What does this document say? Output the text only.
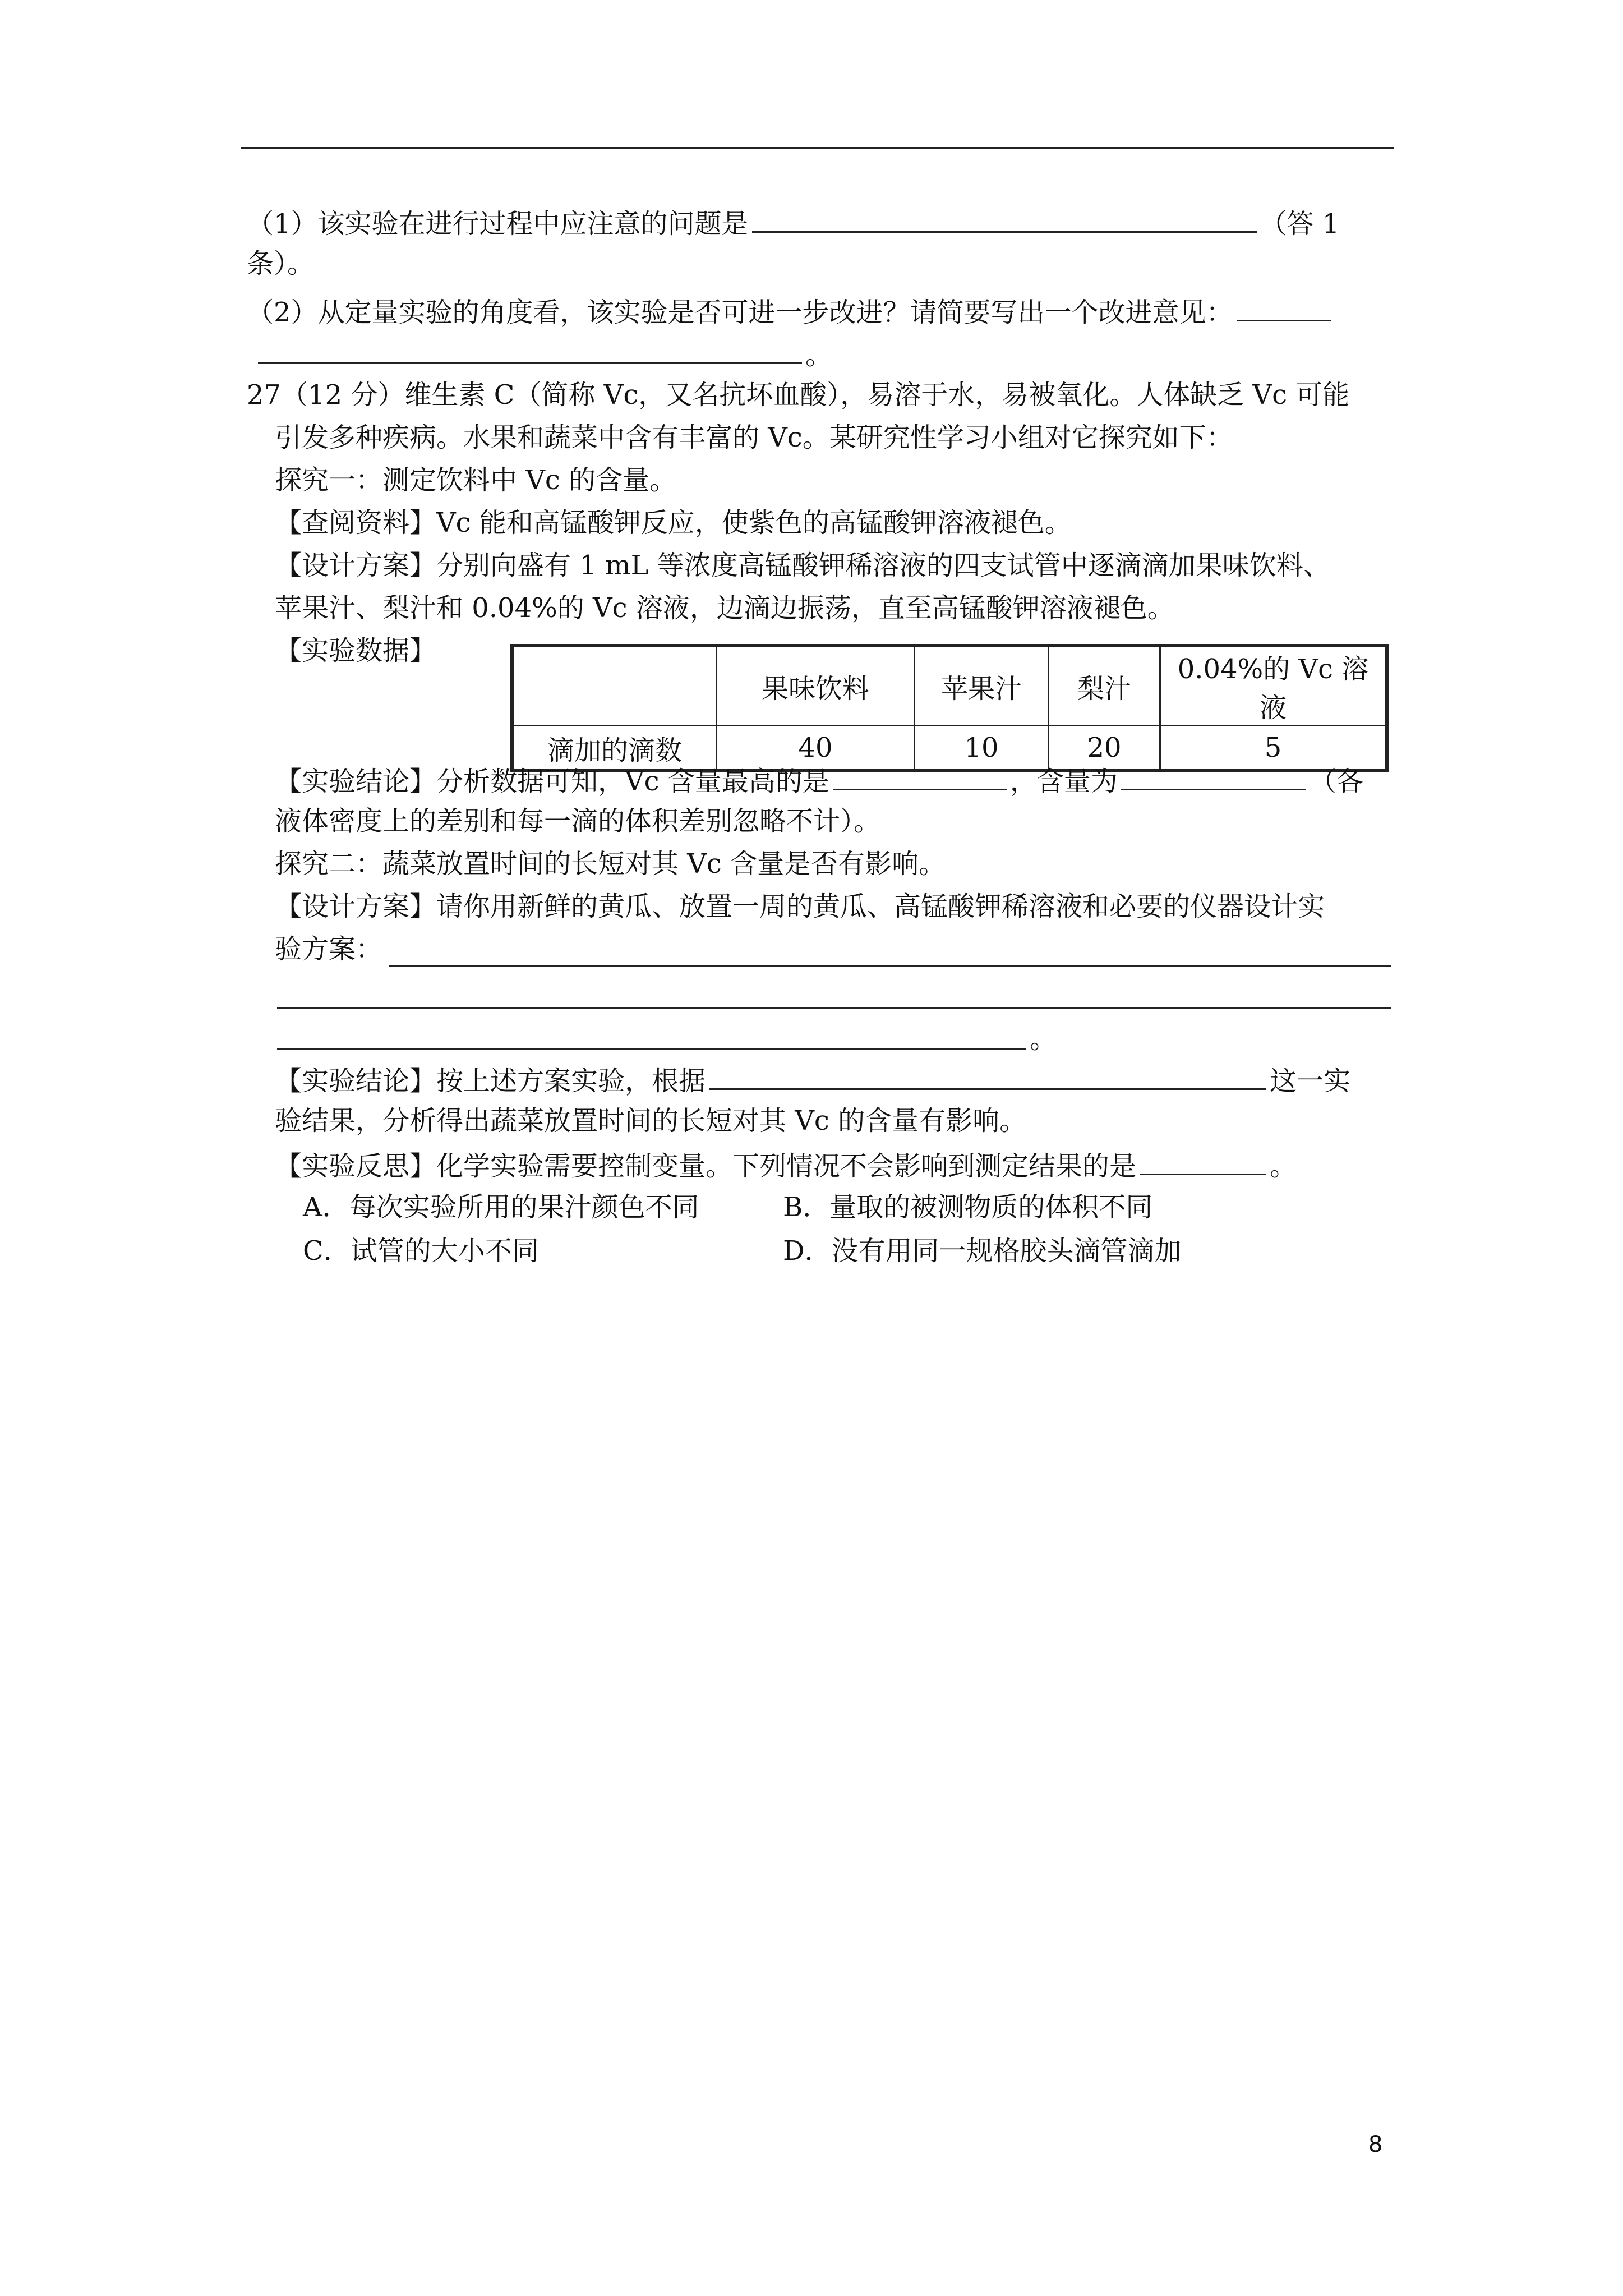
（1）该实验在进行过程中应注意的问题是	（答 1
条）。
（2）从定量实验的角度看，该实验是否可进一步改进？请简要写出一个改进意见：
。
27（12 分）维生素 C（简称 Vc，又名抗坏血酸），易溶于水，易被氧化。人体缺乏 Vc 可能
引发多种疾病。水果和蔬菜中含有丰富的 Vc。某研究性学习小组对它探究如下：
探究一：测定饮料中 Vc 的含量。
【查阅资料】Vc 能和高锰酸钾反应，使紫色的高锰酸钾溶液褪色。
【设计方案】分别向盛有 1 mL 等浓度高锰酸钾稀溶液的四支试管中逐滴滴加果味饮料、
苹果汁、梨汁和 0.04%的 Vc 溶液，边滴边振荡，直至高锰酸钾溶液褪色。
【实验数据】
	果味饮料	苹果汁	梨汁	0.04%的 Vc 溶液
滴加的滴数	40	10	20	5
【实验结论】分析数据可知，Vc 含量最高的是	，含量为	（各
液体密度上的差别和每一滴的体积差别忽略不计）。
探究二：蔬菜放置时间的长短对其 Vc 含量是否有影响。
【设计方案】请你用新鲜的黄瓜、放置一周的黄瓜、高锰酸钾稀溶液和必要的仪器设计实
验方案：
。
【实验结论】按上述方案实验，根据	这一实
验结果，分析得出蔬菜放置时间的长短对其 Vc 的含量有影响。
【实验反思】化学实验需要控制变量。下列情况不会影响到测定结果的是	。
A．每次实验所用的果汁颜色不同	B．量取的被测物质的体积不同
C．试管的大小不同	D．没有用同一规格胶头滴管滴加
8
